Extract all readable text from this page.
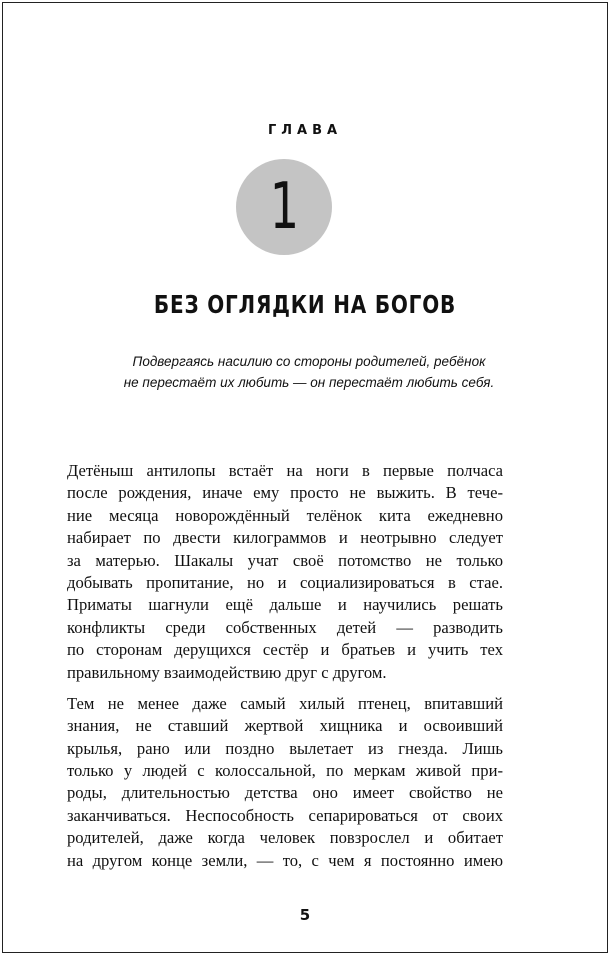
ГЛАВА
1
БЕЗ ОГЛЯДКИ НА БОГОВ
Подвергаясь насилию со стороны родителей, ребёнок
не перестаёт их любить — он перестаёт любить себя.

Детёныш антилопы встаёт на ноги в первые полчаса
после рождения, иначе ему просто не выжить. В тече-
ние месяца новорождённый телёнок кита ежедневно
набирает по двести килограммов и неотрывно следует
за матерью. Шакалы учат своё потомство не только
добывать пропитание, но и социализироваться в стае.
Приматы шагнули ещё дальше и научились решать
конфликты среди собственных детей — разводить
по сторонам дерущихся сестёр и братьев и учить тех
правильному взаимодействию друг с другом.

Тем не менее даже самый хилый птенец, впитавший
знания, не ставший жертвой хищника и освоивший
крылья, рано или поздно вылетает из гнезда. Лишь
только у людей с колоссальной, по меркам живой при-
роды, длительностью детства оно имеет свойство не
заканчиваться. Неспособность сепарироваться от своих
родителей, даже когда человек повзрослел и обитает
на другом конце земли, — то, с чем я постоянно имею

5
